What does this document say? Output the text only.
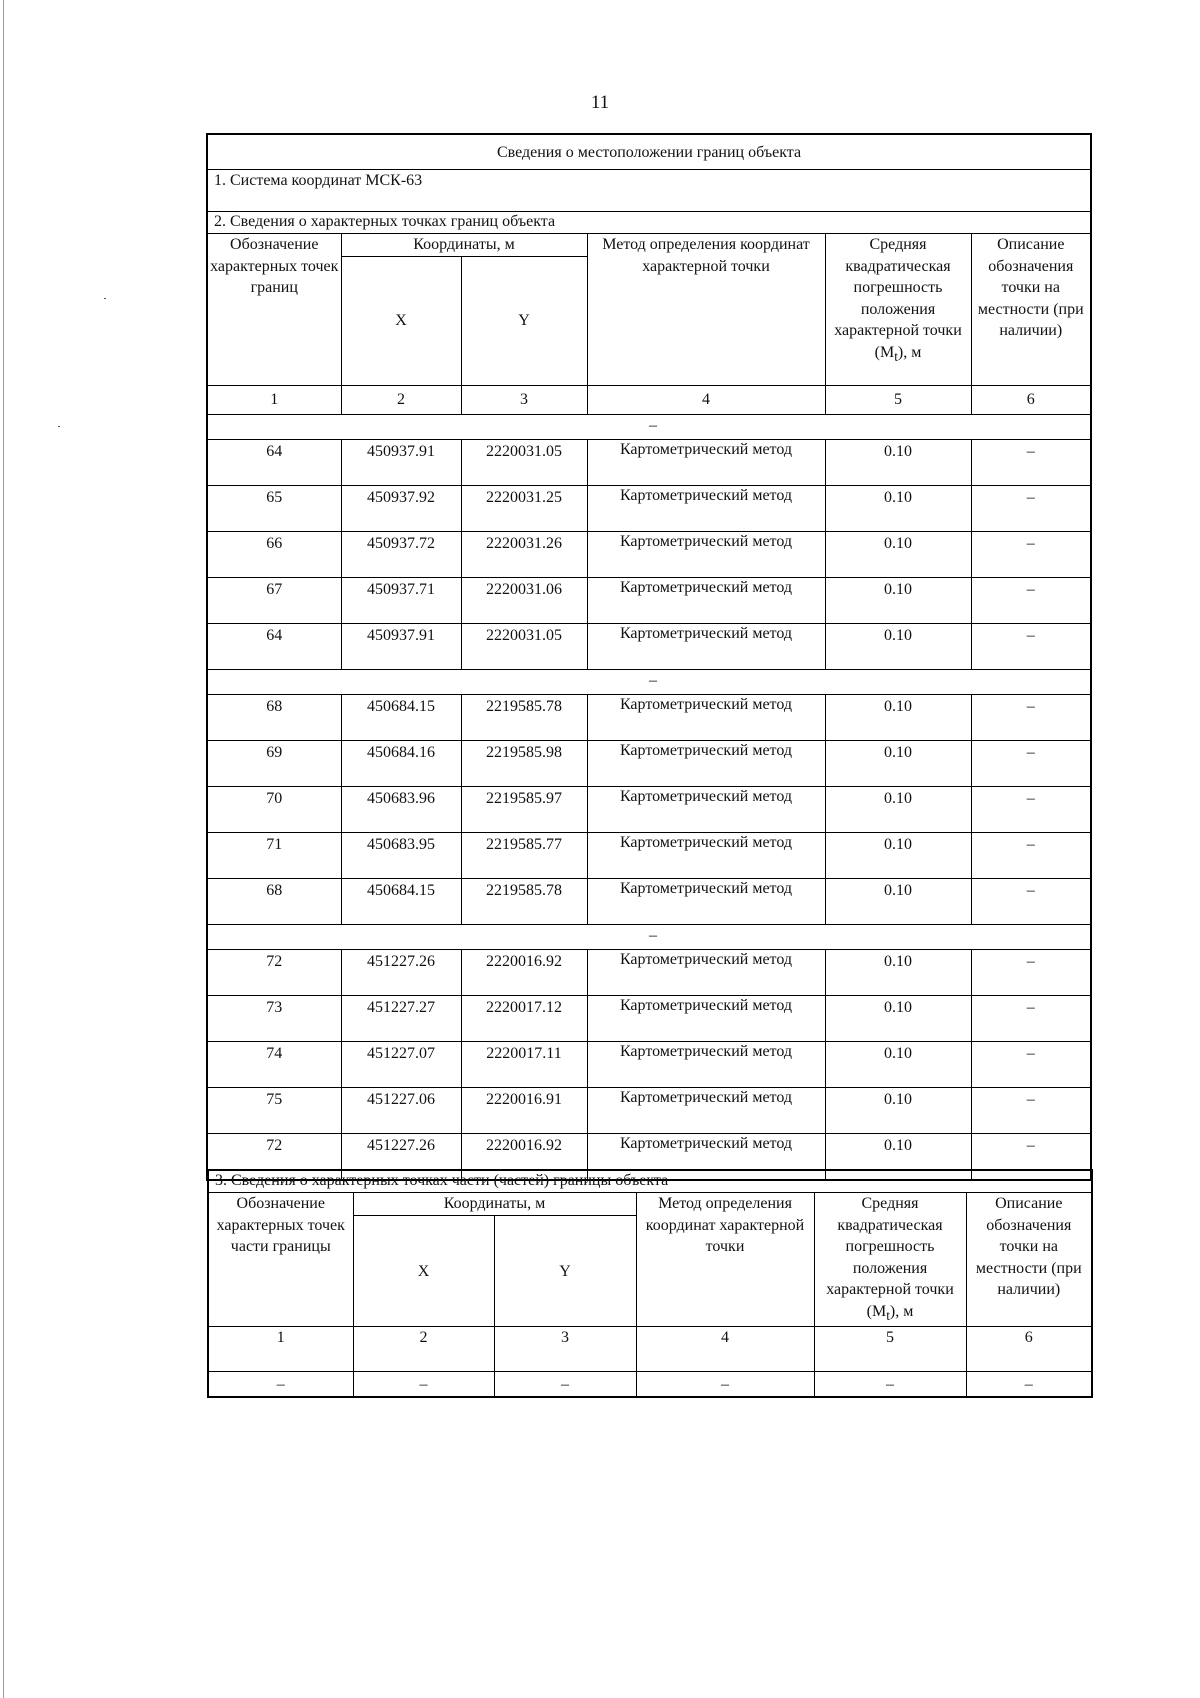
11
Сведения о местоположении границ объекта					
1. Система координат МСК-63					
2. Сведения о характерных точках границ объекта					
Обозначение характерных точек границ	Координаты, м		Метод определения координат характерной точки	Средняя квадратическая погрешность положения характерной точки $(M_t)$, м	Описание обозначения точки на местности (при наличии)
	X	Y			
1	2	3	4	5	6
–					
64	450937.91	2220031.05	Картометрический метод	0.10	–
65	450937.92	2220031.25	Картометрический метод	0.10	–
66	450937.72	2220031.26	Картометрический метод	0.10	–
67	450937.71	2220031.06	Картометрический метод	0.10	–
64	450937.91	2220031.05	Картометрический метод	0.10	–
–					
68	450684.15	2219585.78	Картометрический метод	0.10	–
69	450684.16	2219585.98	Картометрический метод	0.10	–
70	450683.96	2219585.97	Картометрический метод	0.10	–
71	450683.95	2219585.77	Картометрический метод	0.10	–
68	450684.15	2219585.78	Картометрический метод	0.10	–
–					
72	451227.26	2220016.92	Картометрический метод	0.10	–
73	451227.27	2220017.12	Картометрический метод	0.10	–
74	451227.07	2220017.11	Картометрический метод	0.10	–
75	451227.06	2220016.91	Картометрический метод	0.10	–
72	451227.26	2220016.92	Картометрический метод	0.10	–
3. Сведения о характерных точках части (частей) границы объекта					
Обозначение характерных точек части границы	Координаты, м		Метод определения координат характерной точки	Средняя квадратическая погрешность положения характерной точки $(M_t)$, м	Описание обозначения точки на местности (при наличии)
	X	Y			
1	2	3	4	5	6
–	–	–	–	–	–
